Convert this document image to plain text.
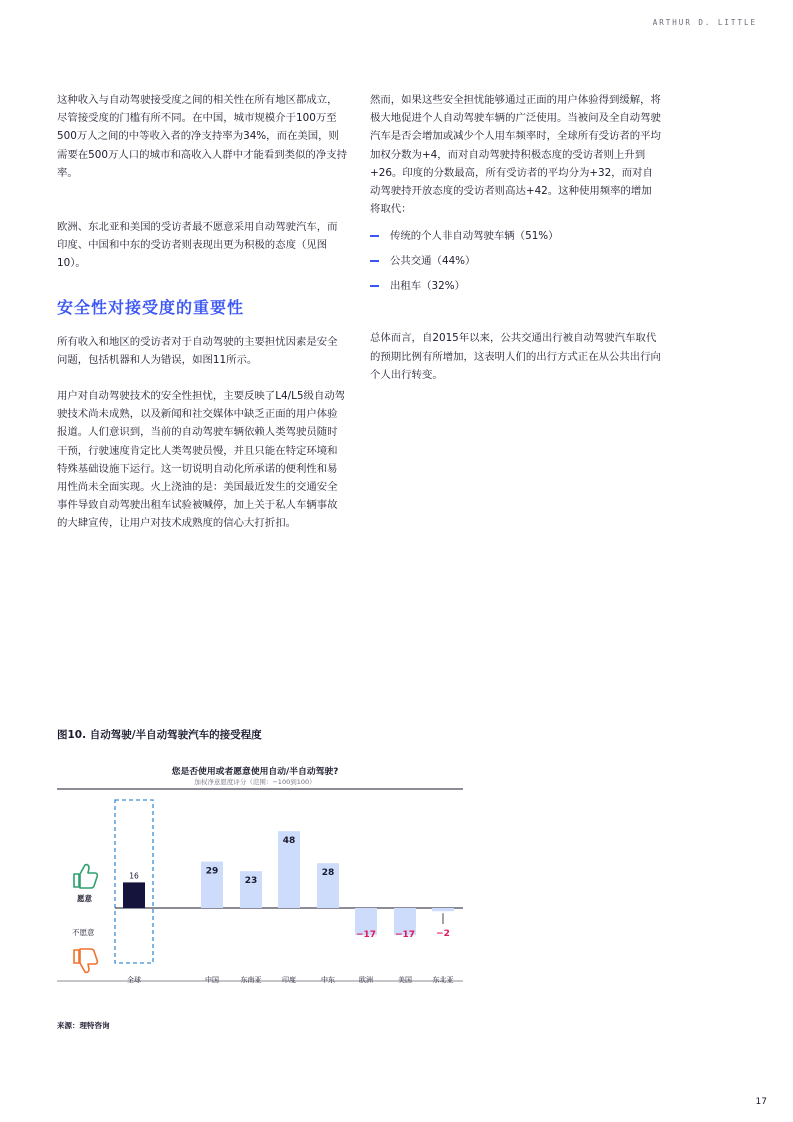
ARTHUR D. LITTLE

这种收入与自动驾驶接受度之间的相关性在所有地区都成立，尽管接受度的门槛有所不同。在中国，城市规模介于100万至500万人之间的中等收入者的净支持率为34%，而在美国，则需要在500万人口的城市和高收入人群中才能看到类似的净支持率。

欧洲、东北亚和美国的受访者最不愿意采用自动驾驶汽车，而印度、中国和中东的受访者则表现出更为积极的态度（见图10）。

安全性对接受度的重要性

所有收入和地区的受访者对于自动驾驶的主要担忧因素是安全问题，包括机器和人为错误，如图11所示。

用户对自动驾驶技术的安全性担忧，主要反映了L4/L5级自动驾驶技术尚未成熟，以及新闻和社交媒体中缺乏正面的用户体验报道。人们意识到，当前的自动驾驶车辆依赖人类驾驶员随时干预，行驶速度肯定比人类驾驶员慢，并且只能在特定环境和特殊基础设施下运行。这一切说明自动化所承诺的便利性和易用性尚未全面实现。火上浇油的是：美国最近发生的交通安全事件导致自动驾驶出租车试验被喊停，加上关于私人车辆事故的大肆宣传，让用户对技术成熟度的信心大打折扣。

然而，如果这些安全担忧能够通过正面的用户体验得到缓解，将极大地促进个人自动驾驶车辆的广泛使用。当被问及全自动驾驶汽车是否会增加或减少个人用车频率时，全球所有受访者的平均加权分数为+4，而对自动驾驶持积极态度的受访者则上升到+26。印度的分数最高，所有受访者的平均分为+32，而对自动驾驶持开放态度的受访者则高达+42。这种使用频率的增加将取代：

传统的个人非自动驾驶车辆（51%）
公共交通（44%）
出租车（32%）

总体而言，自2015年以来，公共交通出行被自动驾驶汽车取代的预期比例有所增加，这表明人们的出行方式正在从公共出行向个人出行转变。

图10. 自动驾驶/半自动驾驶汽车的接受程度
您是否使用或者愿意使用自动/半自动驾驶?
加权净意愿度评分（范围：−100到100）
16
全球
29
中国
23
东南亚
48
印度
28
中东
−17
欧洲
−17
美国
−2
东北亚
愿意
不愿意
来源：理特咨询
17
